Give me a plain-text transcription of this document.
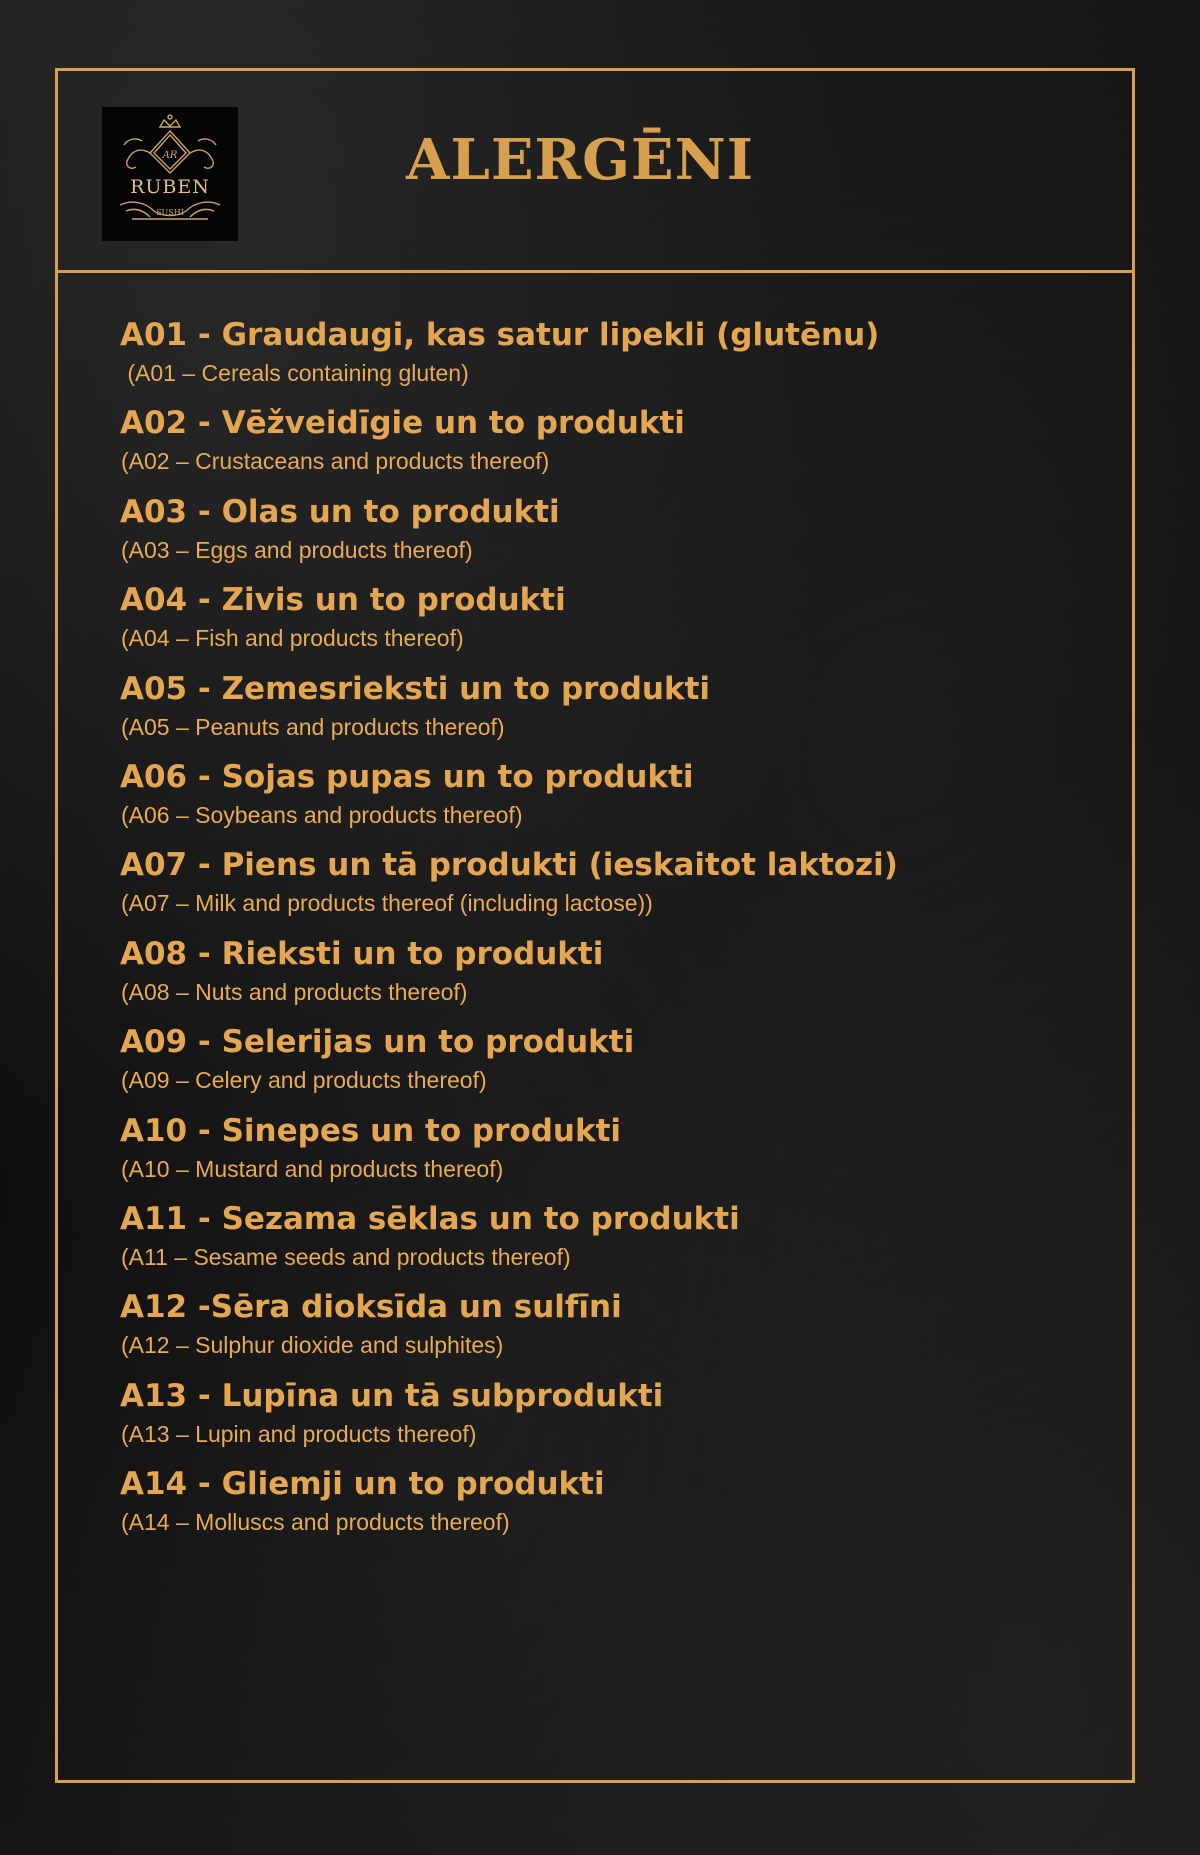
AR
RUBEN
SUSHI
ALERGĒNI
A01 - Graudaugi, kas satur lipekli (glutēnu)
(A01 – Cereals containing gluten)
A02 - Vēžveidīgie un to produkti
(A02 – Crustaceans and products thereof)
A03 - Olas un to produkti
(A03 – Eggs and products thereof)
A04 - Zivis un to produkti
(A04 – Fish and products thereof)
A05 - Zemesrieksti un to produkti
(A05 – Peanuts and products thereof)
A06 - Sojas pupas un to produkti
(A06 – Soybeans and products thereof)
A07 - Piens un tā produkti (ieskaitot laktozi)
(A07 – Milk and products thereof (including lactose))
A08 - Rieksti un to produkti
(A08 – Nuts and products thereof)
A09 - Selerijas un to produkti
(A09 – Celery and products thereof)
A10 - Sinepes un to produkti
(A10 – Mustard and products thereof)
A11 - Sezama sēklas un to produkti
(A11 – Sesame seeds and products thereof)
A12 -Sēra dioksīda un sulfīni
(A12 – Sulphur dioxide and sulphites)
A13 - Lupīna un tā subprodukti
(A13 – Lupin and products thereof)
A14 - Gliemji un to produkti
(A14 – Molluscs and products thereof)
